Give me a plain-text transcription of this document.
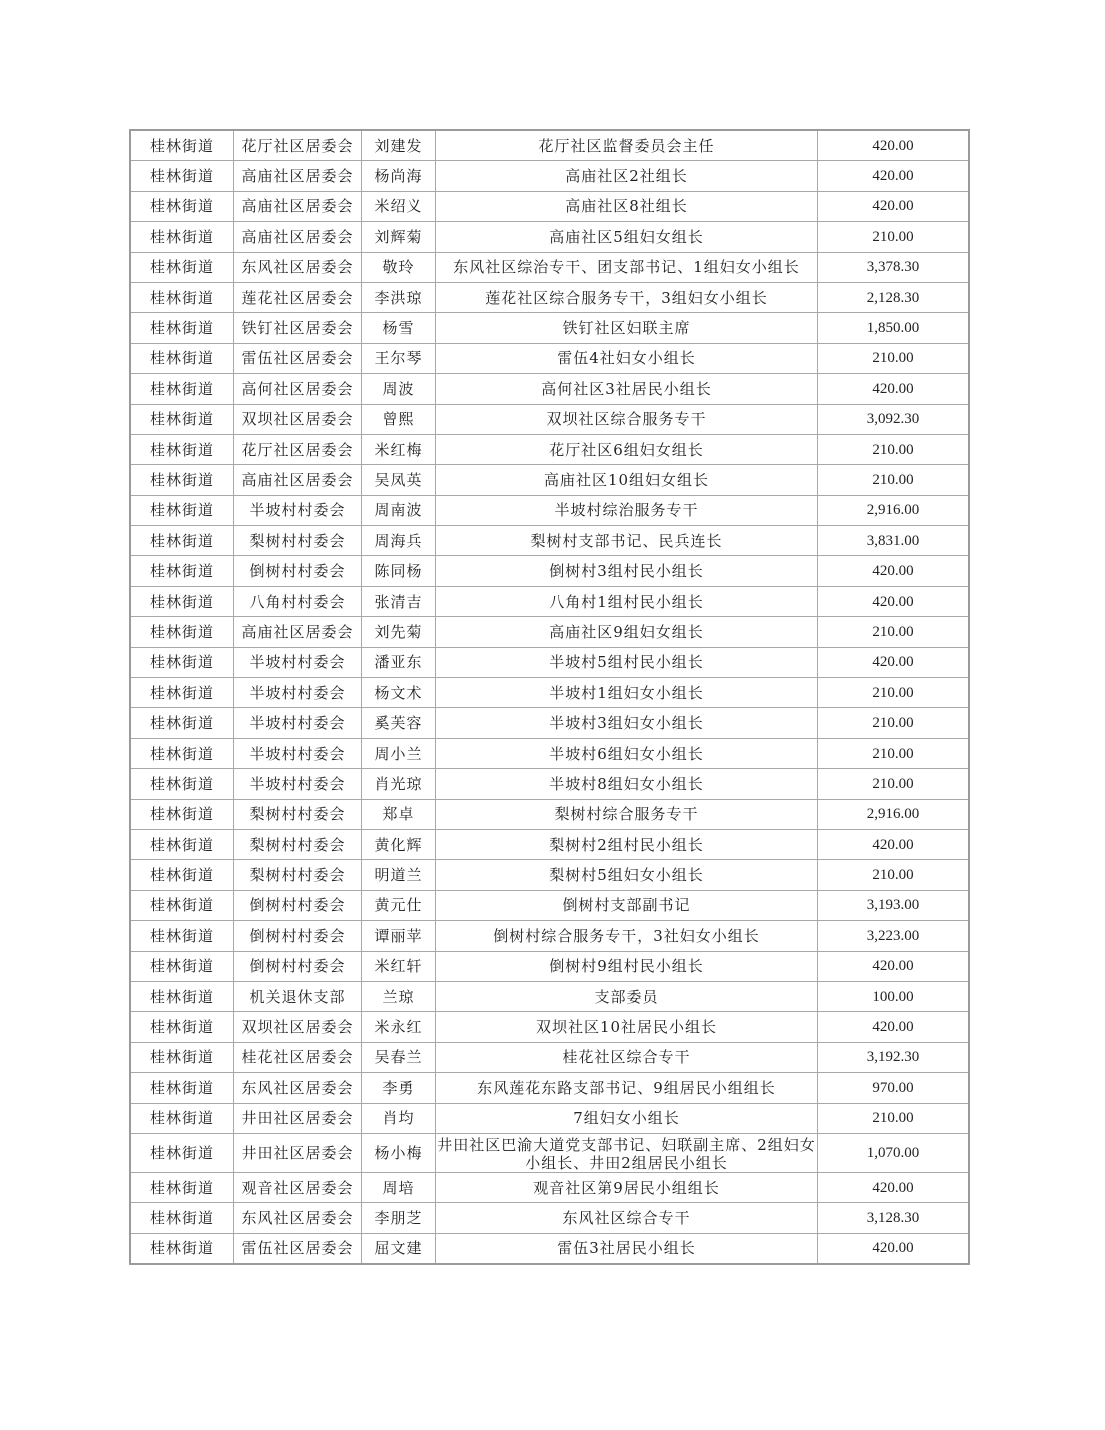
桂林街道	花厅社区居委会	刘建发	花厅社区监督委员会主任	420.00
桂林街道	高庙社区居委会	杨尚海	高庙社区2社组长	420.00
桂林街道	高庙社区居委会	米绍义	高庙社区8社组长	420.00
桂林街道	高庙社区居委会	刘辉菊	高庙社区5组妇女组长	210.00
桂林街道	东风社区居委会	敬玲	东风社区综治专干、团支部书记、1组妇女小组长	3,378.30
桂林街道	莲花社区居委会	李洪琼	莲花社区综合服务专干，3组妇女小组长	2,128.30
桂林街道	铁钉社区居委会	杨雪	铁钉社区妇联主席	1,850.00
桂林街道	雷伍社区居委会	王尔琴	雷伍4社妇女小组长	210.00
桂林街道	高何社区居委会	周波	高何社区3社居民小组长	420.00
桂林街道	双坝社区居委会	曾熙	双坝社区综合服务专干	3,092.30
桂林街道	花厅社区居委会	米红梅	花厅社区6组妇女组长	210.00
桂林街道	高庙社区居委会	吴凤英	高庙社区10组妇女组长	210.00
桂林街道	半坡村村委会	周南波	半坡村综治服务专干	2,916.00
桂林街道	梨树村村委会	周海兵	梨树村支部书记、民兵连长	3,831.00
桂林街道	倒树村村委会	陈同杨	倒树村3组村民小组长	420.00
桂林街道	八角村村委会	张清吉	八角村1组村民小组长	420.00
桂林街道	高庙社区居委会	刘先菊	高庙社区9组妇女组长	210.00
桂林街道	半坡村村委会	潘亚东	半坡村5组村民小组长	420.00
桂林街道	半坡村村委会	杨文术	半坡村1组妇女小组长	210.00
桂林街道	半坡村村委会	奚芙容	半坡村3组妇女小组长	210.00
桂林街道	半坡村村委会	周小兰	半坡村6组妇女小组长	210.00
桂林街道	半坡村村委会	肖光琼	半坡村8组妇女小组长	210.00
桂林街道	梨树村村委会	郑卓	梨树村综合服务专干	2,916.00
桂林街道	梨树村村委会	黄化辉	梨树村2组村民小组长	420.00
桂林街道	梨树村村委会	明道兰	梨树村5组妇女小组长	210.00
桂林街道	倒树村村委会	黄元仕	倒树村支部副书记	3,193.00
桂林街道	倒树村村委会	谭丽苹	倒树村综合服务专干，3社妇女小组长	3,223.00
桂林街道	倒树村村委会	米红轩	倒树村9组村民小组长	420.00
桂林街道	机关退休支部	兰琼	支部委员	100.00
桂林街道	双坝社区居委会	米永红	双坝社区10社居民小组长	420.00
桂林街道	桂花社区居委会	吴春兰	桂花社区综合专干	3,192.30
桂林街道	东风社区居委会	李勇	东风莲花东路支部书记、9组居民小组组长	970.00
桂林街道	井田社区居委会	肖均	7组妇女小组长	210.00
桂林街道	井田社区居委会	杨小梅	井田社区巴渝大道党支部书记、妇联副主席、2组妇女小组长、井田2组居民小组长	1,070.00
桂林街道	观音社区居委会	周培	观音社区第9居民小组组长	420.00
桂林街道	东风社区居委会	李朋芝	东风社区综合专干	3,128.30
桂林街道	雷伍社区居委会	屈文建	雷伍3社居民小组长	420.00
